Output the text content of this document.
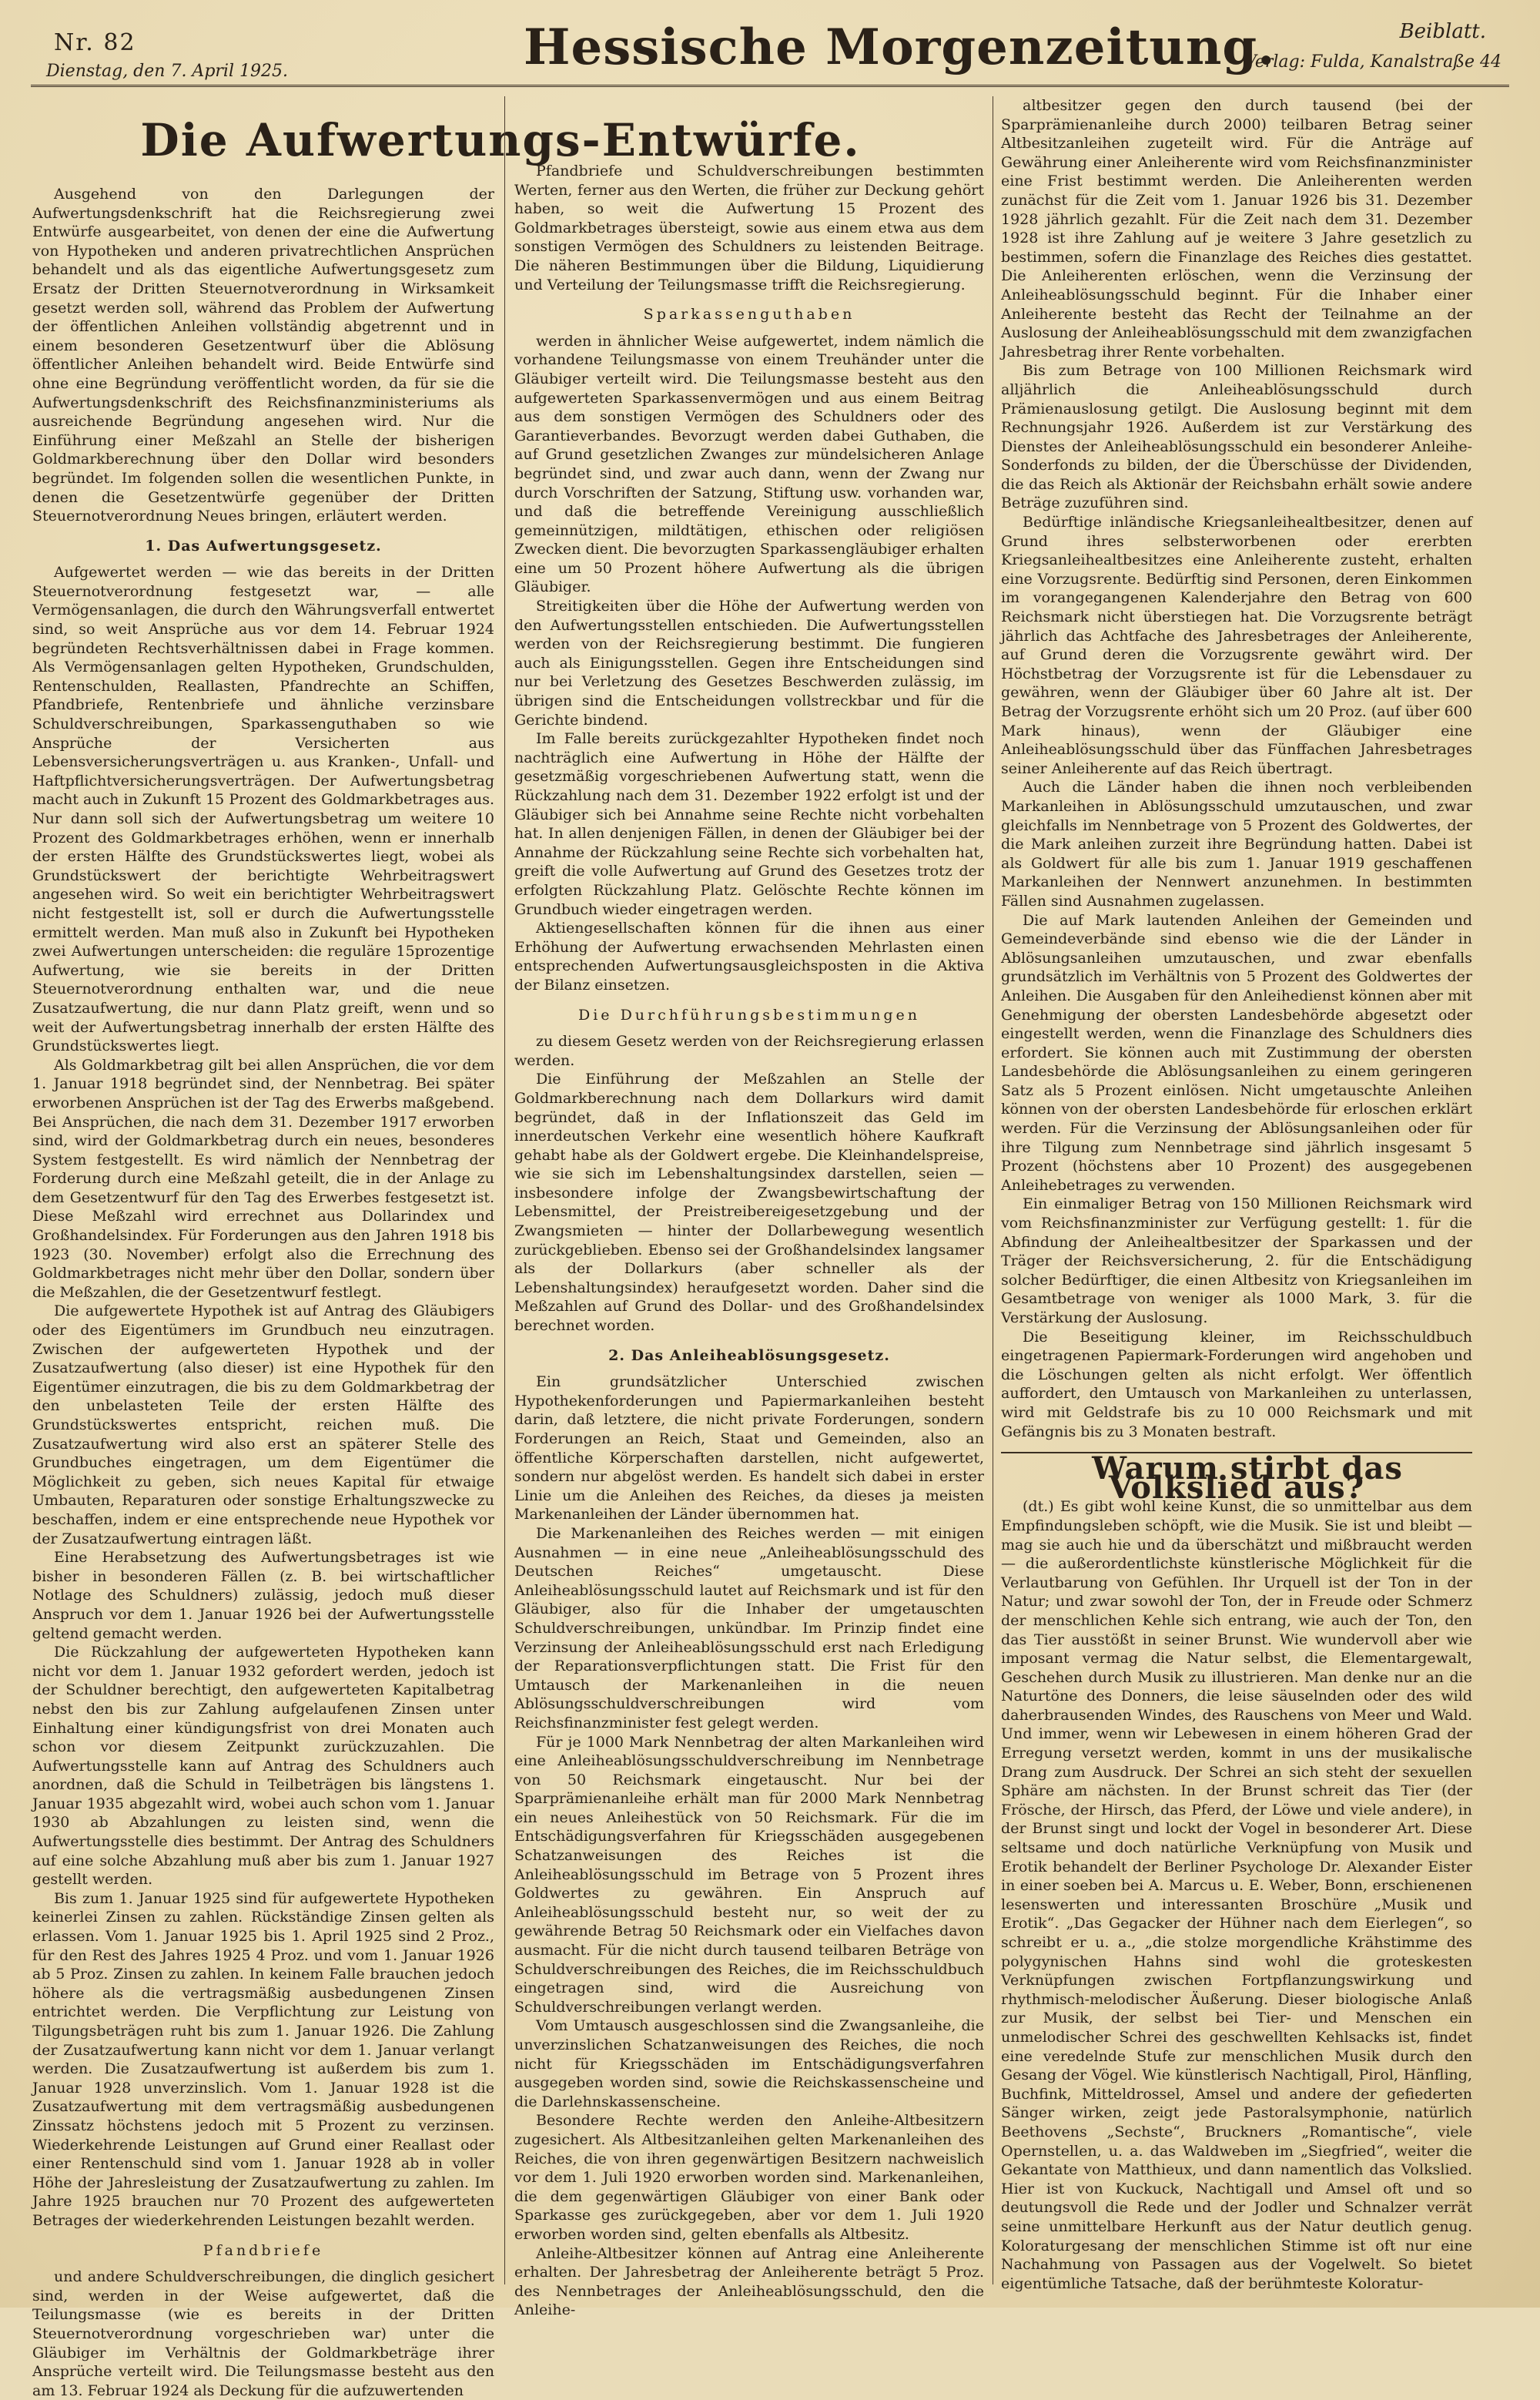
Nr. 82
Dienstag, den 7. April 1925.	Hessische Morgenzeitung.	Beiblatt.
Verlag: Fulda, Kanalstraße 44
Die Aufwertungs-Entwürfe.

Ausgehend von den Darlegungen der Aufwertungsdenkschrift hat die Reichsregierung zwei Entwürfe ausgearbeitet, von denen der eine die Aufwertung von Hypotheken und anderen privatrechtlichen Ansprüchen behandelt und als das eigentliche Aufwertungsgesetz zum Ersatz der Dritten Steuernotverordnung in Wirksamkeit gesetzt werden soll, während das Problem der Aufwertung der öffentlichen Anleihen vollständig abgetrennt und in einem besonderen Gesetzentwurf über die Ablösung öffentlicher Anleihen behandelt wird. Beide Entwürfe sind ohne eine Begründung veröffentlicht worden, da für sie die Aufwertungsdenkschrift des Reichsfinanzministeriums als ausreichende Begründung angesehen wird. Nur die Einführung einer Meßzahl an Stelle der bisherigen Goldmarkberechnung über den Dollar wird besonders begründet. Im folgenden sollen die wesentlichen Punkte, in denen die Gesetzentwürfe gegenüber der Dritten Steuernotverordnung Neues bringen, erläutert werden.

1. Das Aufwertungsgesetz.

Aufgewertet werden — wie das bereits in der Dritten Steuernotverordnung festgesetzt war, — alle Vermögensanlagen, die durch den Währungsverfall entwertet sind, so weit Ansprüche aus vor dem 14. Februar 1924 begründeten Rechtsverhältnissen dabei in Frage kommen. Als Vermögensanlagen gelten Hypotheken, Grundschulden, Rentenschulden, Reallasten, Pfandrechte an Schiffen, Pfandbriefe, Rentenbriefe und ähnliche verzinsbare Schuldverschreibungen, Sparkassenguthaben so wie Ansprüche der Versicherten aus Lebensversicherungsverträgen u. aus Kranken-, Unfall- und Haftpflichtversicherungsverträgen. Der Aufwertungsbetrag macht auch in Zukunft 15 Prozent des Goldmarkbetrages aus. Nur dann soll sich der Aufwertungsbetrag um weitere 10 Prozent des Goldmarkbetrages erhöhen, wenn er innerhalb der ersten Hälfte des Grundstückswertes liegt, wobei als Grundstückswert der berichtigte Wehrbeitragswert angesehen wird. So weit ein berichtigter Wehrbeitragswert nicht festgestellt ist, soll er durch die Aufwertungsstelle ermittelt werden. Man muß also in Zukunft bei Hypotheken zwei Aufwertungen unterscheiden: die reguläre 15prozentige Aufwertung, wie sie bereits in der Dritten Steuernotverordnung enthalten war, und die neue Zusatzaufwertung, die nur dann Platz greift, wenn und so weit der Aufwertungsbetrag innerhalb der ersten Hälfte des Grundstückswertes liegt.

Als Goldmarkbetrag gilt bei allen Ansprüchen, die vor dem 1. Januar 1918 begründet sind, der Nennbetrag. Bei später erworbenen Ansprüchen ist der Tag des Erwerbs maßgebend. Bei Ansprüchen, die nach dem 31. Dezember 1917 erworben sind, wird der Goldmarkbetrag durch ein neues, besonderes System festgestellt. Es wird nämlich der Nennbetrag der Forderung durch eine Meßzahl geteilt, die in der Anlage zu dem Gesetzentwurf für den Tag des Erwerbes festgesetzt ist. Diese Meßzahl wird errechnet aus Dollarindex und Großhandelsindex. Für Forderungen aus den Jahren 1918 bis 1923 (30. November) erfolgt also die Errechnung des Goldmarkbetrages nicht mehr über den Dollar, sondern über die Meßzahlen, die der Gesetzentwurf festlegt.

Die aufgewertete Hypothek ist auf Antrag des Gläubigers oder des Eigentümers im Grundbuch neu einzutragen. Zwischen der aufgewerteten Hypothek und der Zusatzaufwertung (also dieser) ist eine Hypothek für den Eigentümer einzutragen, die bis zu dem Goldmarkbetrag der den unbelasteten Teile der ersten Hälfte des Grundstückswertes entspricht, reichen muß. Die Zusatzaufwertung wird also erst an späterer Stelle des Grundbuches eingetragen, um dem Eigentümer die Möglichkeit zu geben, sich neues Kapital für etwaige Umbauten, Reparaturen oder sonstige Erhaltungszwecke zu beschaffen, indem er eine entsprechende neue Hypothek vor der Zusatzaufwertung eintragen läßt.

Eine Herabsetzung des Aufwertungsbetrages ist wie bisher in besonderen Fällen (z. B. bei wirtschaftlicher Notlage des Schuldners) zulässig, jedoch muß dieser Anspruch vor dem 1. Januar 1926 bei der Aufwertungsstelle geltend gemacht werden.

Die Rückzahlung der aufgewerteten Hypotheken kann nicht vor dem 1. Januar 1932 gefordert werden, jedoch ist der Schuldner berechtigt, den aufgewerteten Kapitalbetrag nebst den bis zur Zahlung aufgelaufenen Zinsen unter Einhaltung einer kündigungsfrist von drei Monaten auch schon vor diesem Zeitpunkt zurückzuzahlen. Die Aufwertungsstelle kann auf Antrag des Schuldners auch anordnen, daß die Schuld in Teilbeträgen bis längstens 1. Januar 1935 abgezahlt wird, wobei auch schon vom 1. Januar 1930 ab Abzahlungen zu leisten sind, wenn die Aufwertungsstelle dies bestimmt. Der Antrag des Schuldners auf eine solche Abzahlung muß aber bis zum 1. Januar 1927 gestellt werden.

Bis zum 1. Januar 1925 sind für aufgewertete Hypotheken keinerlei Zinsen zu zahlen. Rückständige Zinsen gelten als erlassen. Vom 1. Januar 1925 bis 1. April 1925 sind 2 Proz., für den Rest des Jahres 1925 4 Proz. und vom 1. Januar 1926 ab 5 Proz. Zinsen zu zahlen. In keinem Falle brauchen jedoch höhere als die vertragsmäßig ausbedungenen Zinsen entrichtet werden. Die Verpflichtung zur Leistung von Tilgungsbeträgen ruht bis zum 1. Januar 1926. Die Zahlung der Zusatzaufwertung kann nicht vor dem 1. Januar verlangt werden. Die Zusatzaufwertung ist außerdem bis zum 1. Januar 1928 unverzinslich. Vom 1. Januar 1928 ist die Zusatzaufwertung mit dem vertragsmäßig ausbedungenen Zinssatz höchstens jedoch mit 5 Prozent zu verzinsen. Wiederkehrende Leistungen auf Grund einer Reallast oder einer Rentenschuld sind vom 1. Januar 1928 ab in voller Höhe der Jahresleistung der Zusatzaufwertung zu zahlen. Im Jahre 1925 brauchen nur 70 Prozent des aufgewerteten Betrages der wiederkehrenden Leistungen bezahlt werden.

Pfandbriefe

und andere Schuldverschreibungen, die dinglich gesichert sind, werden in der Weise aufgewertet, daß die Teilungsmasse (wie es bereits in der Dritten Steuernotverordnung vorgeschrieben war) unter die Gläubiger im Verhältnis der Goldmarkbeträge ihrer Ansprüche verteilt wird. Die Teilungsmasse besteht aus den am 13. Februar 1924 als Deckung für die aufzuwertenden

Pfandbriefe und Schuldverschreibungen bestimmten Werten, ferner aus den Werten, die früher zur Deckung gehört haben, so weit die Aufwertung 15 Prozent des Goldmarkbetrages übersteigt, sowie aus einem etwa aus dem sonstigen Vermögen des Schuldners zu leistenden Beitrage. Die näheren Bestimmungen über die Bildung, Liquidierung und Verteilung der Teilungsmasse trifft die Reichsregierung.

Sparkassenguthaben

werden in ähnlicher Weise aufgewertet, indem nämlich die vorhandene Teilungsmasse von einem Treuhänder unter die Gläubiger verteilt wird. Die Teilungsmasse besteht aus den aufgewerteten Sparkassenvermögen und aus einem Beitrag aus dem sonstigen Vermögen des Schuldners oder des Garantieverbandes. Bevorzugt werden dabei Guthaben, die auf Grund gesetzlichen Zwanges zur mündelsicheren Anlage begründet sind, und zwar auch dann, wenn der Zwang nur durch Vorschriften der Satzung, Stiftung usw. vorhanden war, und daß die betreffende Vereinigung ausschließlich gemeinnützigen, mildtätigen, ethischen oder religiösen Zwecken dient. Die bevorzugten Sparkassengläubiger erhalten eine um 50 Prozent höhere Aufwertung als die übrigen Gläubiger.

Streitigkeiten über die Höhe der Aufwertung werden von den Aufwertungsstellen entschieden. Die Aufwertungsstellen werden von der Reichsregierung bestimmt. Die fungieren auch als Einigungsstellen. Gegen ihre Entscheidungen sind nur bei Verletzung des Gesetzes Beschwerden zulässig, im übrigen sind die Entscheidungen vollstreckbar und für die Gerichte bindend.

Im Falle bereits zurückgezahlter Hypotheken findet noch nachträglich eine Aufwertung in Höhe der Hälfte der gesetzmäßig vorgeschriebenen Aufwertung statt, wenn die Rückzahlung nach dem 31. Dezember 1922 erfolgt ist und der Gläubiger sich bei Annahme seine Rechte nicht vorbehalten hat. In allen denjenigen Fällen, in denen der Gläubiger bei der Annahme der Rückzahlung seine Rechte sich vorbehalten hat, greift die volle Aufwertung auf Grund des Gesetzes trotz der erfolgten Rückzahlung Platz. Gelöschte Rechte können im Grundbuch wieder eingetragen werden.

Aktiengesellschaften können für die ihnen aus einer Erhöhung der Aufwertung erwachsenden Mehrlasten einen entsprechenden Aufwertungsausgleichsposten in die Aktiva der Bilanz einsetzen.

Die Durchführungsbestimmungen

zu diesem Gesetz werden von der Reichsregierung erlassen werden.

Die Einführung der Meßzahlen an Stelle der Goldmarkberechnung nach dem Dollarkurs wird damit begründet, daß in der Inflationszeit das Geld im innerdeutschen Verkehr eine wesentlich höhere Kaufkraft gehabt habe als der Goldwert ergebe. Die Kleinhandelspreise, wie sie sich im Lebenshaltungsindex darstellen, seien — insbesondere infolge der Zwangsbewirtschaftung der Lebensmittel, der Preistreibereigesetzgebung und der Zwangsmieten — hinter der Dollarbewegung wesentlich zurückgeblieben. Ebenso sei der Großhandelsindex langsamer als der Dollarkurs (aber schneller als der Lebenshaltungsindex) heraufgesetzt worden. Daher sind die Meßzahlen auf Grund des Dollar- und des Großhandelsindex berechnet worden.

2. Das Anleiheablösungsgesetz.

Ein grundsätzlicher Unterschied zwischen Hypothekenforderungen und Papiermarkanleihen besteht darin, daß letztere, die nicht private Forderungen, sondern Forderungen an Reich, Staat und Gemeinden, also an öffentliche Körperschaften darstellen, nicht aufgewertet, sondern nur abgelöst werden. Es handelt sich dabei in erster Linie um die Anleihen des Reiches, da dieses ja meisten Markenanleihen der Länder übernommen hat.

Die Markenanleihen des Reiches werden — mit einigen Ausnahmen — in eine neue „Anleiheablösungsschuld des Deutschen Reiches“ umgetauscht. Diese Anleiheablösungsschuld lautet auf Reichsmark und ist für den Gläubiger, also für die Inhaber der umgetauschten Schuldverschreibungen, unkündbar. Im Prinzip findet eine Verzinsung der Anleiheablösungsschuld erst nach Erledigung der Reparationsverpflichtungen statt. Die Frist für den Umtausch der Markenanleihen in die neuen Ablösungsschuldverschreibungen wird vom Reichsfinanzminister fest gelegt werden.

Für je 1000 Mark Nennbetrag der alten Markanleihen wird eine Anleiheablösungsschuldverschreibung im Nennbetrage von 50 Reichsmark eingetauscht. Nur bei der Sparprämienanleihe erhält man für 2000 Mark Nennbetrag ein neues Anleihestück von 50 Reichsmark. Für die im Entschädigungsverfahren für Kriegsschäden ausgegebenen Schatzanweisungen des Reiches ist die Anleiheablösungsschuld im Betrage von 5 Prozent ihres Goldwertes zu gewähren. Ein Anspruch auf Anleiheablösungsschuld besteht nur, so weit der zu gewährende Betrag 50 Reichsmark oder ein Vielfaches davon ausmacht. Für die nicht durch tausend teilbaren Beträge von Schuldverschreibungen des Reiches, die im Reichsschuldbuch eingetragen sind, wird die Ausreichung von Schuldverschreibungen verlangt werden.

Vom Umtausch ausgeschlossen sind die Zwangsanleihe, die unverzinslichen Schatzanweisungen des Reiches, die noch nicht für Kriegsschäden im Entschädigungsverfahren ausgegeben worden sind, sowie die Reichskassenscheine und die Darlehnskassenscheine.

Besondere Rechte werden den Anleihe-Altbesitzern zugesichert. Als Altbesitzanleihen gelten Markenanleihen des Reiches, die von ihren gegenwärtigen Besitzern nachweislich vor dem 1. Juli 1920 erworben worden sind. Markenanleihen, die dem gegenwärtigen Gläubiger von einer Bank oder Sparkasse ges zurückgegeben, aber vor dem 1. Juli 1920 erworben worden sind, gelten ebenfalls als Altbesitz.

Anleihe-Altbesitzer können auf Antrag eine Anleiherente erhalten. Der Jahresbetrag der Anleiherente beträgt 5 Proz. des Nennbetrages der Anleiheablösungsschuld, den die Anleihe-

altbesitzer gegen den durch tausend (bei der Sparprämienanleihe durch 2000) teilbaren Betrag seiner Altbesitzanleihen zugeteilt wird. Für die Anträge auf Gewährung einer Anleiherente wird vom Reichsfinanzminister eine Frist bestimmt werden. Die Anleiherenten werden zunächst für die Zeit vom 1. Januar 1926 bis 31. Dezember 1928 jährlich gezahlt. Für die Zeit nach dem 31. Dezember 1928 ist ihre Zahlung auf je weitere 3 Jahre gesetzlich zu bestimmen, sofern die Finanzlage des Reiches dies gestattet. Die Anleiherenten erlöschen, wenn die Verzinsung der Anleiheablösungsschuld beginnt. Für die Inhaber einer Anleiherente besteht das Recht der Teilnahme an der Auslosung der Anleiheablösungsschuld mit dem zwanzigfachen Jahresbetrag ihrer Rente vorbehalten.

Bis zum Betrage von 100 Millionen Reichsmark wird alljährlich die Anleiheablösungsschuld durch Prämienauslosung getilgt. Die Auslosung beginnt mit dem Rechnungsjahr 1926. Außerdem ist zur Verstärkung des Dienstes der Anleiheablösungsschuld ein besonderer Anleihe-Sonderfonds zu bilden, der die Überschüsse der Dividenden, die das Reich als Aktionär der Reichsbahn erhält sowie andere Beträge zuzuführen sind.

Bedürftige inländische Kriegsanleihealtbesitzer, denen auf Grund ihres selbsterworbenen oder ererbten Kriegsanleihealtbesitzes eine Anleiherente zusteht, erhalten eine Vorzugsrente. Bedürftig sind Personen, deren Einkommen im vorangegangenen Kalenderjahre den Betrag von 600 Reichsmark nicht überstiegen hat. Die Vorzugsrente beträgt jährlich das Achtfache des Jahresbetrages der Anleiherente, auf Grund deren die Vorzugsrente gewährt wird. Der Höchstbetrag der Vorzugsrente ist für die Lebensdauer zu gewähren, wenn der Gläubiger über 60 Jahre alt ist. Der Betrag der Vorzugsrente erhöht sich um 20 Proz. (auf über 600 Mark hinaus), wenn der Gläubiger eine Anleiheablösungsschuld über das Fünffachen Jahresbetrages seiner Anleiherente auf das Reich übertragt.

Auch die Länder haben die ihnen noch verbleibenden Markanleihen in Ablösungsschuld umzutauschen, und zwar gleichfalls im Nennbetrage von 5 Prozent des Goldwertes, der die Mark anleihen zurzeit ihre Begründung hatten. Dabei ist als Goldwert für alle bis zum 1. Januar 1919 geschaffenen Markanleihen der Nennwert anzunehmen. In bestimmten Fällen sind Ausnahmen zugelassen.

Die auf Mark lautenden Anleihen der Gemeinden und Gemeindeverbände sind ebenso wie die der Länder in Ablösungsanleihen umzutauschen, und zwar ebenfalls grundsätzlich im Verhältnis von 5 Prozent des Goldwertes der Anleihen. Die Ausgaben für den Anleihedienst können aber mit Genehmigung der obersten Landesbehörde abgesetzt oder eingestellt werden, wenn die Finanzlage des Schuldners dies erfordert. Sie können auch mit Zustimmung der obersten Landesbehörde die Ablösungsanleihen zu einem geringeren Satz als 5 Prozent einlösen. Nicht umgetauschte Anleihen können von der obersten Landesbehörde für erloschen erklärt werden. Für die Verzinsung der Ablösungsanleihen oder für ihre Tilgung zum Nennbetrage sind jährlich insgesamt 5 Prozent (höchstens aber 10 Prozent) des ausgegebenen Anleihebetrages zu verwenden.

Ein einmaliger Betrag von 150 Millionen Reichsmark wird vom Reichsfinanzminister zur Verfügung gestellt: 1. für die Abfindung der Anleihealtbesitzer der Sparkassen und der Träger der Reichsversicherung, 2. für die Entschädigung solcher Bedürftiger, die einen Altbesitz von Kriegsanleihen im Gesamtbetrage von weniger als 1000 Mark, 3. für die Verstärkung der Auslosung.

Die Beseitigung kleiner, im Reichsschuldbuch eingetragenen Papiermark-Forderungen wird angehoben und die Löschungen gelten als nicht erfolgt. Wer öffentlich auffordert, den Umtausch von Markanleihen zu unterlassen, wird mit Geldstrafe bis zu 10 000 Reichsmark und mit Gefängnis bis zu 3 Monaten bestraft.

Warum stirbt das Volkslied aus?

(dt.) Es gibt wohl keine Kunst, die so unmittelbar aus dem Empfindungsleben schöpft, wie die Musik. Sie ist und bleibt — mag sie auch hie und da überschätzt und mißbraucht werden — die außerordentlichste künstlerische Möglichkeit für die Verlautbarung von Gefühlen. Ihr Urquell ist der Ton in der Natur; und zwar sowohl der Ton, der in Freude oder Schmerz der menschlichen Kehle sich entrang, wie auch der Ton, den das Tier ausstößt in seiner Brunst. Wie wundervoll aber wie imposant vermag die Natur selbst, die Elementargewalt, Geschehen durch Musik zu illustrieren. Man denke nur an die Naturtöne des Donners, die leise säuselnden oder des wild daherbrausenden Windes, des Rauschens von Meer und Wald. Und immer, wenn wir Lebewesen in einem höheren Grad der Erregung versetzt werden, kommt in uns der musikalische Drang zum Ausdruck. Der Schrei an sich steht der sexuellen Sphäre am nächsten. In der Brunst schreit das Tier (der Frösche, der Hirsch, das Pferd, der Löwe und viele andere), in der Brunst singt und lockt der Vogel in besonderer Art. Diese seltsame und doch natürliche Verknüpfung von Musik und Erotik behandelt der Berliner Psychologe Dr. Alexander Eister in einer soeben bei A. Marcus u. E. Weber, Bonn, erschienenen lesenswerten und interessanten Broschüre „Musik und Erotik“. „Das Gegacker der Hühner nach dem Eierlegen“, so schreibt er u. a., „die stolze morgendliche Krähstimme des polygynischen Hahns sind wohl die groteskesten Verknüpfungen zwischen Fortpflanzungswirkung und rhythmisch-melodischer Äußerung. Dieser biologische Anlaß zur Musik, der selbst bei Tier- und Menschen ein unmelodischer Schrei des geschwellten Kehlsacks ist, findet eine veredelnde Stufe zur menschlichen Musik durch den Gesang der Vögel. Wie künstlerisch Nachtigall, Pirol, Hänfling, Buchfink, Mitteldrossel, Amsel und andere der gefiederten Sänger wirken, zeigt jede Pastoralsymphonie, natürlich Beethovens „Sechste“, Bruckners „Romantische“, viele Opernstellen, u. a. das Waldweben im „Siegfried“, weiter die Gekantate von Matthieux, und dann namentlich das Volkslied. Hier ist von Kuckuck, Nachtigall und Amsel oft und so deutungsvoll die Rede und der Jodler und Schnalzer verrät seine unmittelbare Herkunft aus der Natur deutlich genug. Koloraturgesang der menschlichen Stimme ist oft nur eine Nachahmung von Passagen aus der Vogelwelt. So bietet eigentümliche Tatsache, daß der berühmteste Koloratur-
